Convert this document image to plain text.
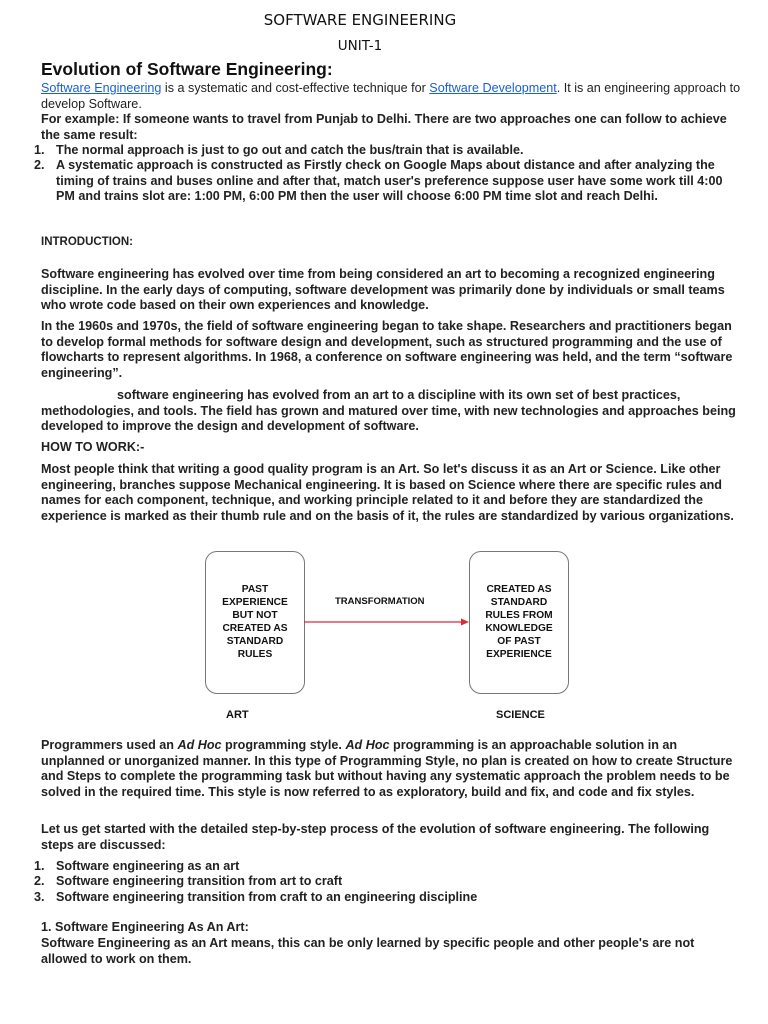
SOFTWARE ENGINEERING
UNIT-1
Evolution of Software Engineering:
Software Engineering is a systematic and cost-effective technique for Software Development. It is an engineering approach to develop Software.
For example: If someone wants to travel from Punjab to Delhi. There are two approaches one can follow to achieve the same result:
1. The normal approach is just to go out and catch the bus/train that is available.
2. A systematic approach is constructed as Firstly check on Google Maps about distance and after analyzing the timing of trains and buses online and after that, match user's preference suppose user have some work till 4:00 PM and trains slot are: 1:00 PM, 6:00 PM then the user will choose 6:00 PM time slot and reach Delhi.
INTRODUCTION:
Software engineering has evolved over time from being considered an art to becoming a recognized engineering discipline. In the early days of computing, software development was primarily done by individuals or small teams who wrote code based on their own experiences and knowledge.
In the 1960s and 1970s, the field of software engineering began to take shape. Researchers and practitioners began to develop formal methods for software design and development, such as structured programming and the use of flowcharts to represent algorithms. In 1968, a conference on software engineering was held, and the term “software engineering”.
software engineering has evolved from an art to a discipline with its own set of best practices, methodologies, and tools. The field has grown and matured over time, with new technologies and approaches being developed to improve the design and development of software.
HOW TO WORK:-
Most people think that writing a good quality program is an Art. So let's discuss it as an Art or Science. Like other engineering, branches suppose Mechanical engineering. It is based on Science where there are specific rules and names for each component, technique, and working principle related to it and before they are standardized the experience is marked as their thumb rule and on the basis of it, the rules are standardized by various organizations.
PAST
EXPERIENCE
BUT NOT
CREATED AS
STANDARD
RULES
TRANSFORMATION
CREATED AS
STANDARD
RULES FROM
KNOWLEDGE
OF PAST
EXPERIENCE
ART	SCIENCE
Programmers used an Ad Hoc programming style. Ad Hoc programming is an approachable solution in an unplanned or unorganized manner. In this type of Programming Style, no plan is created on how to create Structure and Steps to complete the programming task but without having any systematic approach the problem needs to be solved in the required time. This style is now referred to as exploratory, build and fix, and code and fix styles.
Let us get started with the detailed step-by-step process of the evolution of software engineering. The following steps are discussed:
1. Software engineering as an art
2. Software engineering transition from art to craft
3. Software engineering transition from craft to an engineering discipline
1. Software Engineering As An Art:
Software Engineering as an Art means, this can be only learned by specific people and other people's are not allowed to work on them.
